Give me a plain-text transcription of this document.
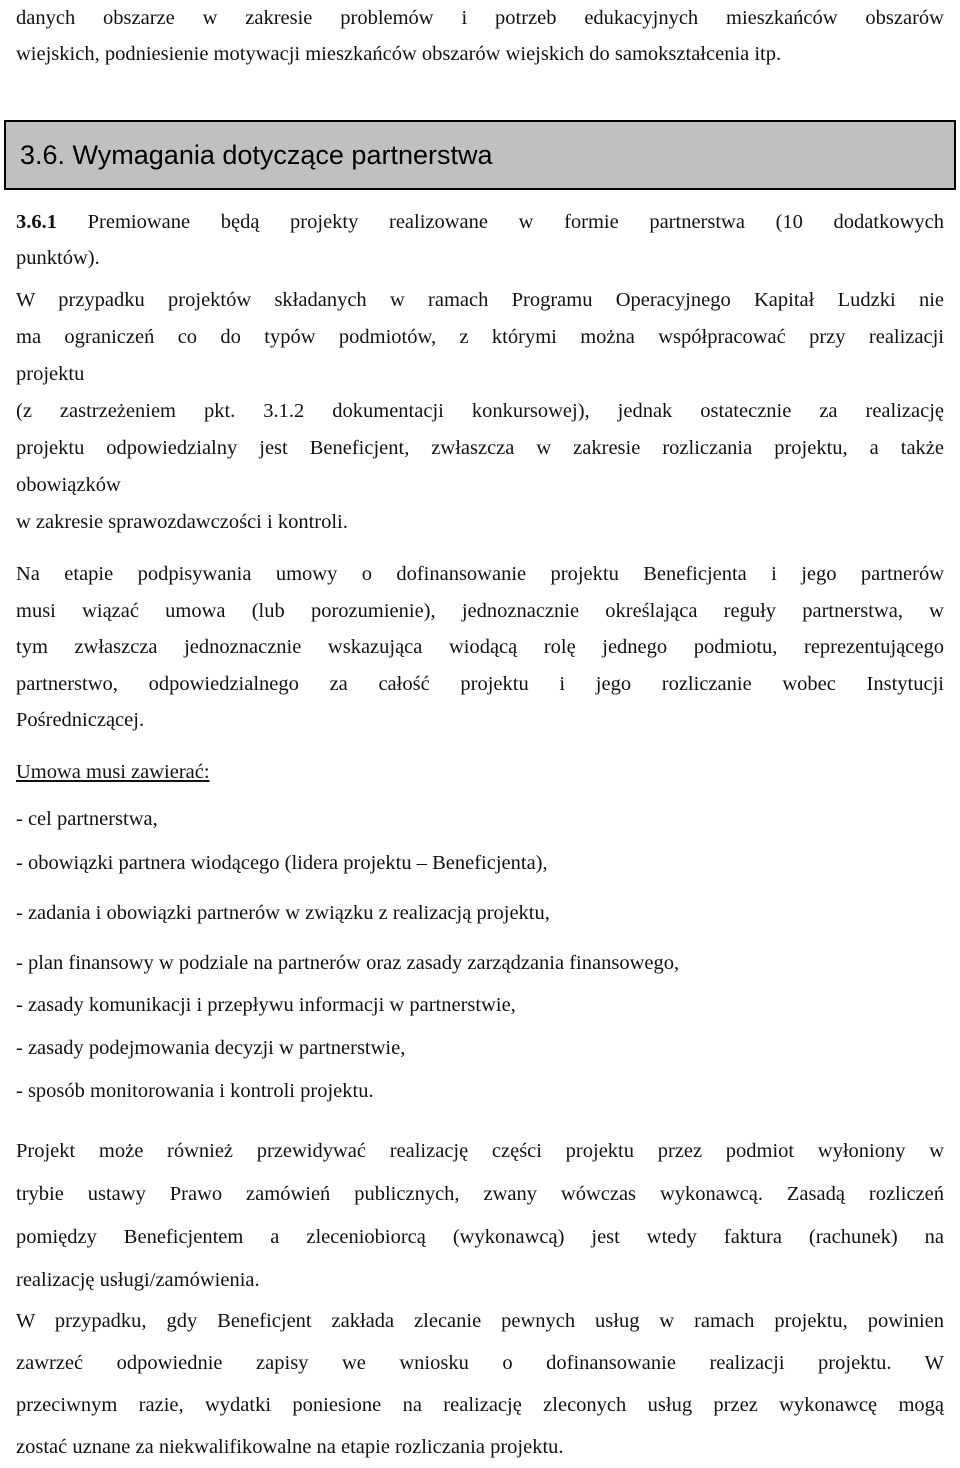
danych obszarze w zakresie problemów i potrzeb edukacyjnych mieszkańców obszarów
wiejskich, podniesienie motywacji mieszkańców obszarów wiejskich do samokształcenia itp.
3.6. Wymagania dotyczące partnerstwa
3.6.1 Premiowane będą projekty realizowane w formie partnerstwa (10 dodatkowych
punktów).
W przypadku projektów składanych w ramach Programu Operacyjnego Kapitał Ludzki nie
ma ograniczeń co do typów podmiotów, z którymi można współpracować przy realizacji
projektu
(z zastrzeżeniem pkt. 3.1.2 dokumentacji konkursowej), jednak ostatecznie za realizację
projektu odpowiedzialny jest Beneficjent, zwłaszcza w zakresie rozliczania projektu, a także
obowiązków
w zakresie sprawozdawczości i kontroli.
Na etapie podpisywania umowy o dofinansowanie projektu Beneficjenta i jego partnerów
musi wiązać umowa (lub porozumienie), jednoznacznie określająca reguły partnerstwa, w
tym zwłaszcza jednoznacznie wskazująca wiodącą rolę jednego podmiotu, reprezentującego
partnerstwo, odpowiedzialnego za całość projektu i jego rozliczanie wobec Instytucji
Pośredniczącej.
Umowa musi zawierać:
- cel partnerstwa,
- obowiązki partnera wiodącego (lidera projektu – Beneficjenta),
- zadania i obowiązki partnerów w związku z realizacją projektu,
- plan finansowy w podziale na partnerów oraz zasady zarządzania finansowego,
- zasady komunikacji i przepływu informacji w partnerstwie,
- zasady podejmowania decyzji w partnerstwie,
- sposób monitorowania i kontroli projektu.
Projekt może również przewidywać realizację części projektu przez podmiot wyłoniony w
trybie ustawy Prawo zamówień publicznych, zwany wówczas wykonawcą. Zasadą rozliczeń
pomiędzy Beneficjentem a zleceniobiorcą (wykonawcą) jest wtedy faktura (rachunek) na
realizację usługi/zamówienia.
W przypadku, gdy Beneficjent zakłada zlecanie pewnych usług w ramach projektu, powinien
zawrzeć odpowiednie zapisy we wniosku o dofinansowanie realizacji projektu. W
przeciwnym razie, wydatki poniesione na realizację zleconych usług przez wykonawcę mogą
zostać uznane za niekwalifikowalne na etapie rozliczania projektu.
